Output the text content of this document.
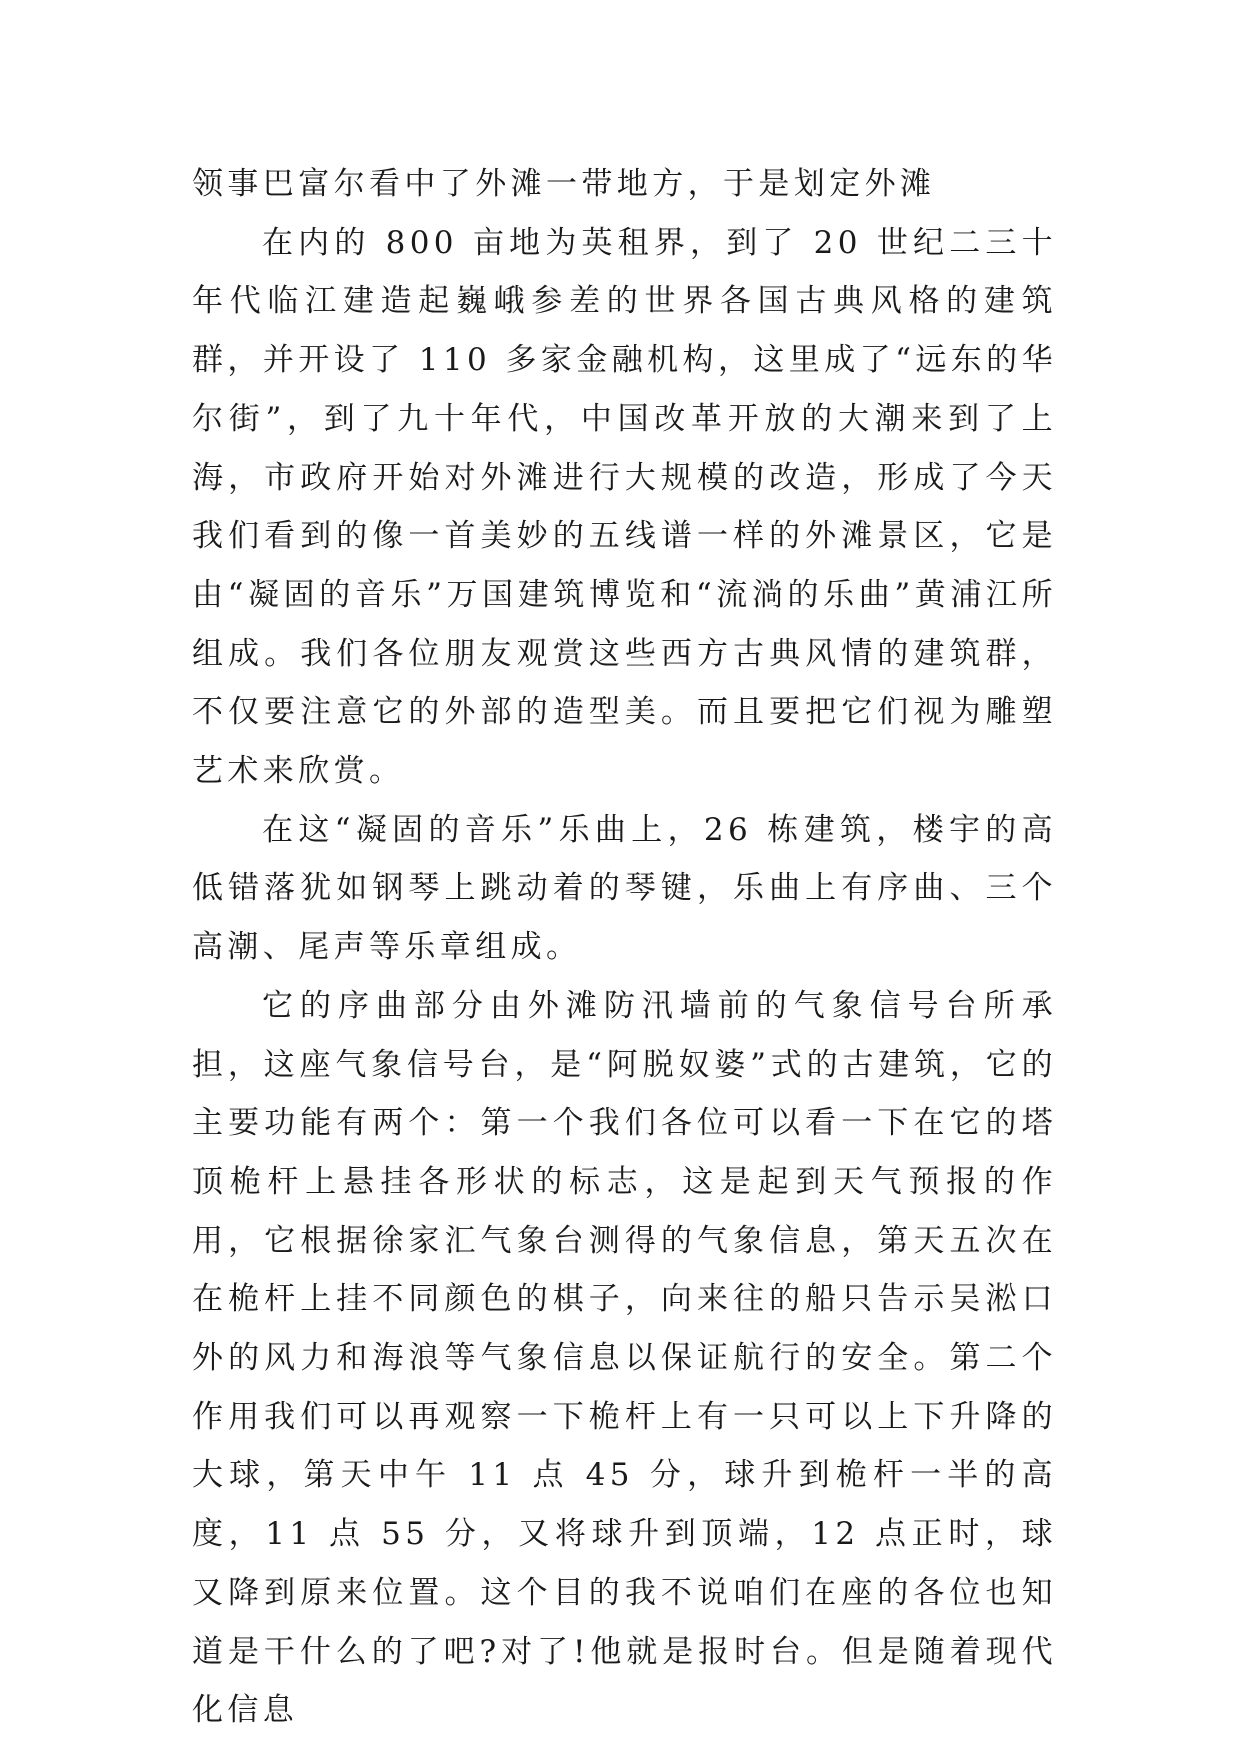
领事巴富尔看中了外滩一带地方，于是划定外滩

在内的 800 亩地为英租界，到了 20 世纪二三十年代临江建造起巍峨参差的世界各国古典风格的建筑群，并开设了 110 多家金融机构，这里成了“远东的华尔街”，到了九十年代，中国改革开放的大潮来到了上海，市政府开始对外滩进行大规模的改造，形成了今天我们看到的像一首美妙的五线谱一样的外滩景区，它是由“凝固的音乐”万国建筑博览和“流淌的乐曲”黄浦江所组成。我们各位朋友观赏这些西方古典风情的建筑群，不仅要注意它的外部的造型美。而且要把它们视为雕塑艺术来欣赏。

在这“凝固的音乐”乐曲上，26 栋建筑，楼宇的高低错落犹如钢琴上跳动着的琴键，乐曲上有序曲、三个高潮、尾声等乐章组成。

它的序曲部分由外滩防汛墙前的气象信号台所承担，这座气象信号台，是“阿脱奴婆”式的古建筑，它的主要功能有两个：第一个我们各位可以看一下在它的塔顶桅杆上悬挂各形状的标志，这是起到天气预报的作用，它根据徐家汇气象台测得的气象信息，第天五次在在桅杆上挂不同颜色的棋子，向来往的船只告示吴淞口外的风力和海浪等气象信息以保证航行的安全。第二个作用我们可以再观察一下桅杆上有一只可以上下升降的大球，第天中午 11 点 45 分，球升到桅杆一半的高度，11 点 55 分，又将球升到顶端，12 点正时，球又降到原来位置。这个目的我不说咱们在座的各位也知道是干什么的了吧?对了!他就是报时台。但是随着现代化信息
